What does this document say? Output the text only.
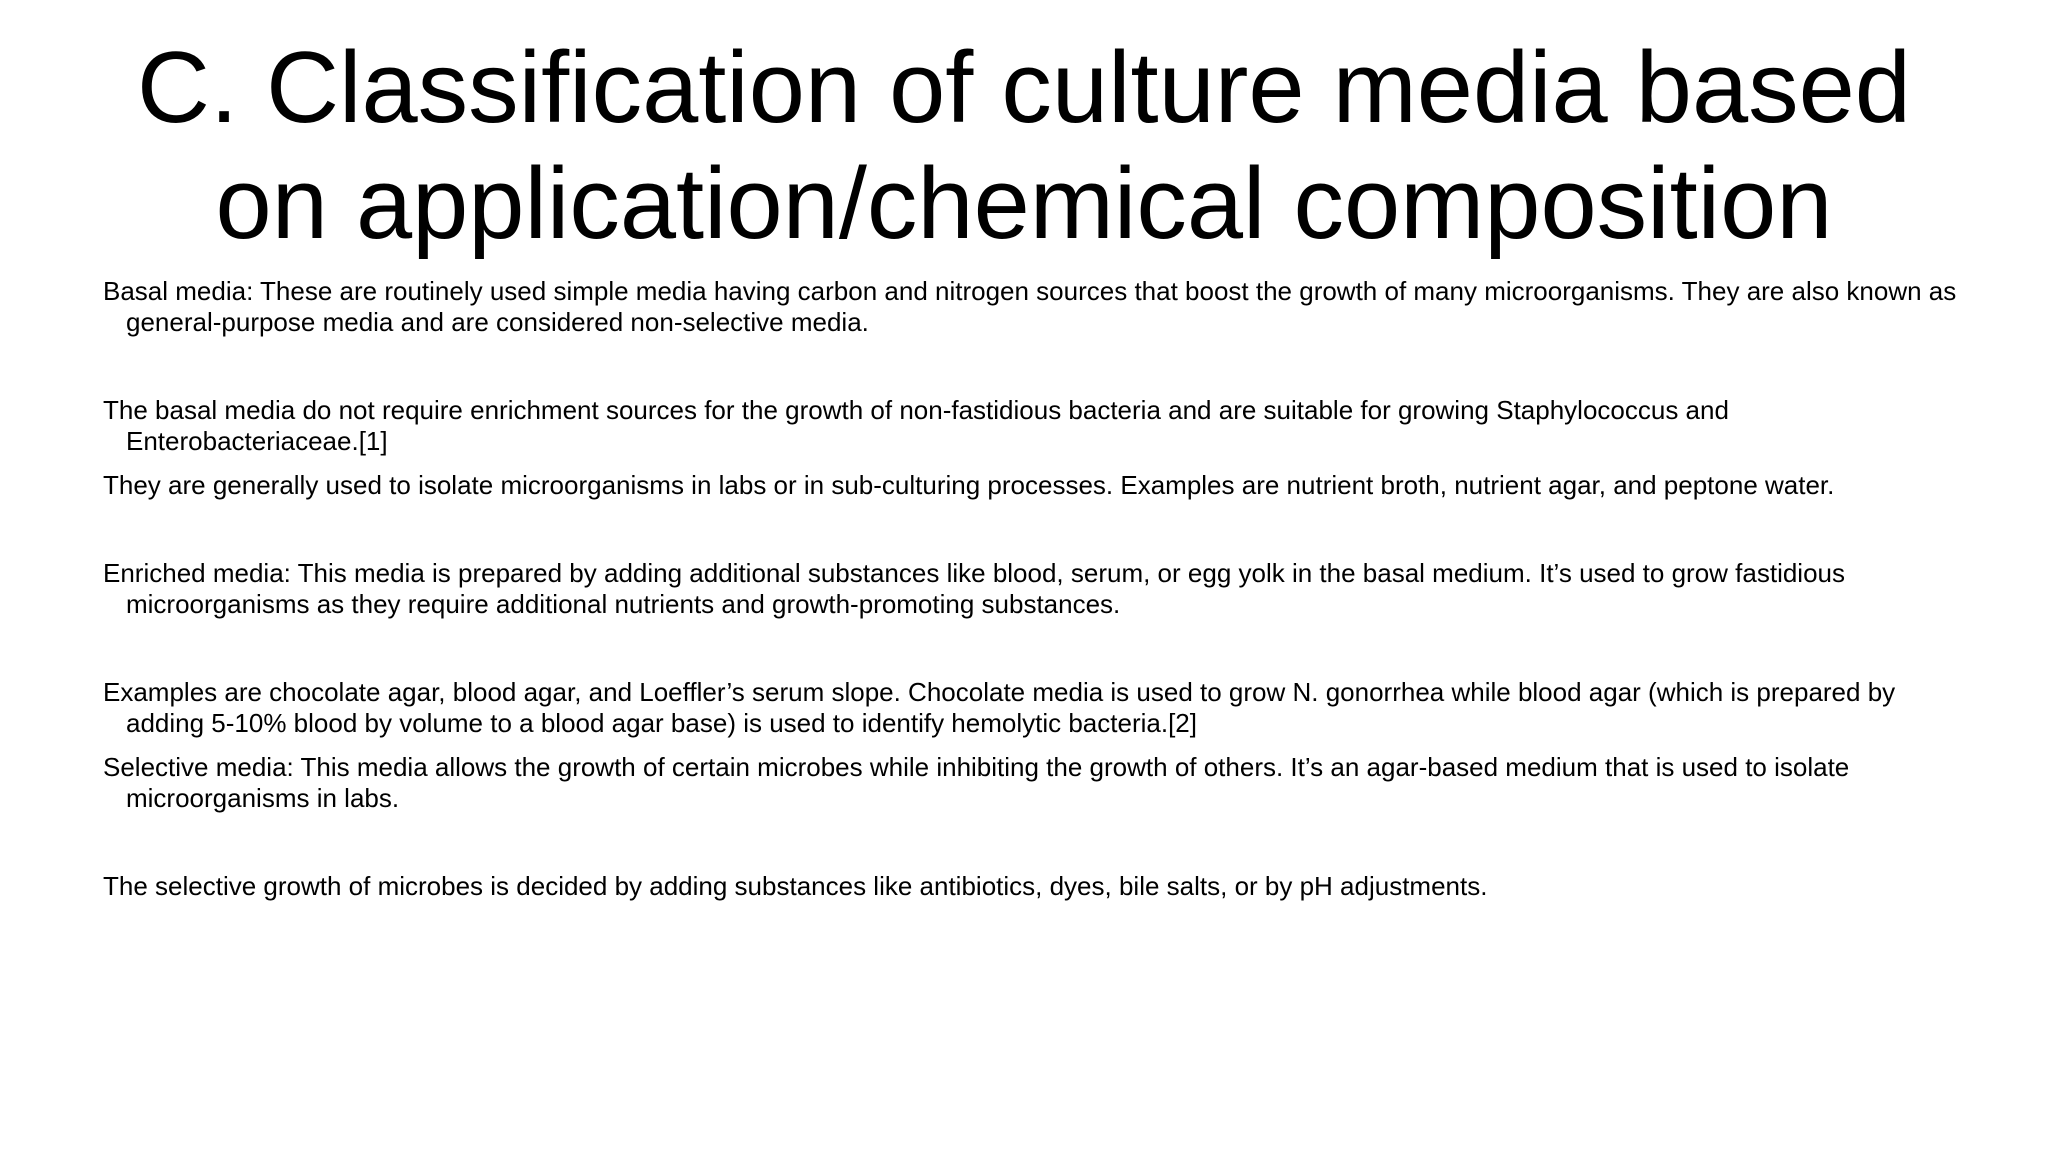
C. Classification of culture media based on application/chemical composition

Basal media: These are routinely used simple media having carbon and nitrogen sources that boost the growth of many microorganisms. They are also known as general-purpose media and are considered non-selective media.

The basal media do not require enrichment sources for the growth of non-fastidious bacteria and are suitable for growing Staphylococcus and Enterobacteriaceae.[1]

They are generally used to isolate microorganisms in labs or in sub-culturing processes. Examples are nutrient broth, nutrient agar, and peptone water.

Enriched media: This media is prepared by adding additional substances like blood, serum, or egg yolk in the basal medium. It’s used to grow fastidious microorganisms as they require additional nutrients and growth-promoting substances.

Examples are chocolate agar, blood agar, and Loeffler’s serum slope. Chocolate media is used to grow N. gonorrhea while blood agar (which is prepared by adding 5-10% blood by volume to a blood agar base) is used to identify hemolytic bacteria.[2]

Selective media: This media allows the growth of certain microbes while inhibiting the growth of others. It’s an agar-based medium that is used to isolate microorganisms in labs.

The selective growth of microbes is decided by adding substances like antibiotics, dyes, bile salts, or by pH adjustments.
